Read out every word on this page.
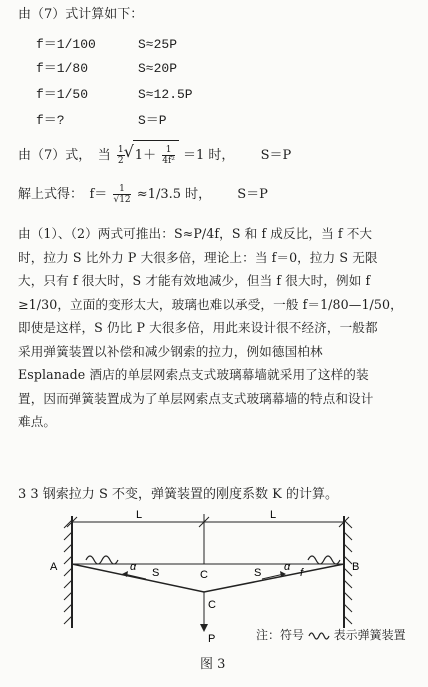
由（7）式计算如下：
f＝1/100	S≈25P
f＝1/80	S≈20P
f＝1/50	S≈12.5P
f＝?	S＝P
由（7）式，　当 $\frac{1}{2}$
√ $1+ \frac{1}{\text{4f²}} =1$ 时， S＝P
解上式得：　$f= \frac{1}{√12} \approx 1/3.5$ 时， S＝P
由（1）、（2）两式可推出：S≈P/4f，S 和 f 成反比，当 f 不大
时，拉力 S 比外力 P 大很多倍，理论上：当 f＝0，拉力 S 无限
大，只有 f 很大时，S 才能有效地减少，但当 f 很大时，例如 f
≥1/30，立面的变形太大，玻璃也难以承受，一般 f＝1/80—1/50，
即使是这样，S 仍比 P 大很多倍，用此来设计很不经济，一般都
采用弹簧装置以补偿和减少钢索的拉力，例如德国柏林
Esplanade 酒店的单层网索点支式玻璃幕墙就采用了这样的装
置，因而弹簧装置成为了单层网索点支式玻璃幕墙的特点和设计
难点。
3 3 钢索拉力 S 不变，弹簧装置的刚度系数 K 的计算。
L	L
A	B
C
C
S	S
α	α f
P	注：符号 表示弹簧装置
图 3
